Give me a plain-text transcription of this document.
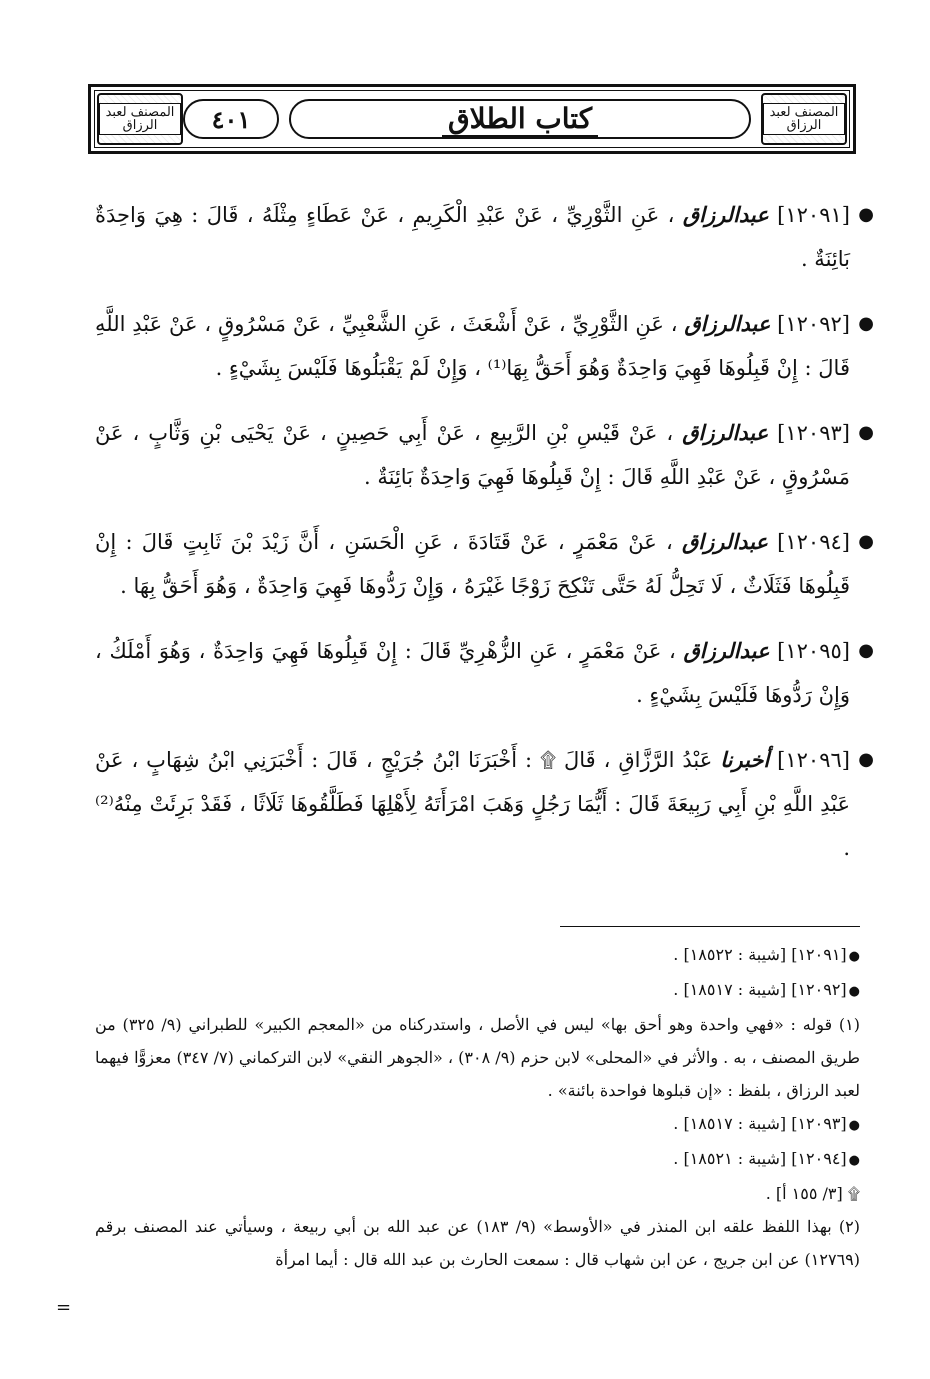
المصنف لعبد الرزاق	٤٠١	كتاب الطلاق	المصنف لعبد الرزاق

●
[١٢٠٩١] عبدالرزاق ، عَنِ الثَّوْرِيِّ ، عَنْ عَبْدِ الْكَرِيمِ ، عَنْ عَطَاءٍ مِثْلَهُ ، قَالَ : هِيَ وَاحِدَةٌ بَائِنَةٌ .

●
[١٢٠٩٢] عبدالرزاق ، عَنِ الثَّوْرِيِّ ، عَنْ أَشْعَثَ ، عَنِ الشَّعْبِيِّ ، عَنْ مَسْرُوقٍ ، عَنْ عَبْدِ اللَّهِ قَالَ : إِنْ قَبِلُوهَا فَهِيَ وَاحِدَةٌ وَهُوَ أَحَقُّ بِهَا⁽¹⁾ ، وَإِنْ لَمْ يَقْبَلُوهَا فَلَيْسَ بِشَيْءٍ .

●
[١٢٠٩٣] عبدالرزاق ، عَنْ قَيْسِ بْنِ الرَّبِيعِ ، عَنْ أَبِي حَصِينٍ ، عَنْ يَحْيَى بْنِ وَثَّابٍ ، عَنْ مَسْرُوقٍ ، عَنْ عَبْدِ اللَّهِ قَالَ : إِنْ قَبِلُوهَا فَهِيَ وَاحِدَةٌ بَائِنَةٌ .

●
[١٢٠٩٤] عبدالرزاق ، عَنْ مَعْمَرٍ ، عَنْ قَتَادَةَ ، عَنِ الْحَسَنِ ، أَنَّ زَيْدَ بْنَ ثَابِتٍ قَالَ : إِنْ قَبِلُوهَا فَثَلَاثٌ ، لَا تَحِلُّ لَهُ حَتَّى تَنْكِحَ زَوْجًا غَيْرَهُ ، وَإِنْ رَدُّوهَا فَهِيَ وَاحِدَةٌ ، وَهُوَ أَحَقُّ بِهَا .

●
[١٢٠٩٥] عبدالرزاق ، عَنْ مَعْمَرٍ ، عَنِ الزُّهْرِيِّ قَالَ : إِنْ قَبِلُوهَا فَهِيَ وَاحِدَةٌ ، وَهُوَ أَمْلَكُ ، وَإِنْ رَدُّوهَا فَلَيْسَ بِشَيْءٍ .

●
[١٢٠٩٦] أخبرنا عَبْدُ الرَّزَّاقِ ، قَالَ ۩ : أَخْبَرَنَا ابْنُ جُرَيْجٍ ، قَالَ : أَخْبَرَنِي ابْنُ شِهَابٍ ، عَنْ عَبْدِ اللَّهِ بْنِ أَبِي رَبِيعَةَ قَالَ : أَيُّمَا رَجُلٍ وَهَبَ امْرَأَتَهُ لِأَهْلِهَا فَطَلَّقُوهَا ثَلَاثًا ، فَقَدْ بَرِئَتْ مِنْهُ⁽²⁾ .

●[١٢٠٩١] [شيبة : ١٨٥٢٢] .

●[١٢٠٩٢] [شيبة : ١٨٥١٧] .

(١) قوله : «فهي واحدة وهو أحق بها» ليس في الأصل ، واستدركناه من «المعجم الكبير» للطبراني (٩/ ٣٢٥) من طريق المصنف ، به . والأثر في «المحلى» لابن حزم (٩/ ٣٠٨) ، «الجوهر النقي» لابن التركماني (٧/ ٣٤٧) معزوًّا فيهما لعبد الرزاق ، بلفظ : «إن قبلوها فواحدة بائنة» .

●[١٢٠٩٣] [شيبة : ١٨٥١٧] .

●[١٢٠٩٤] [شيبة : ١٨٥٢١] .

۩ [٣/ ١٥٥ أ] .

(٢) بهذا اللفظ علقه ابن المنذر في «الأوسط» (٩/ ١٨٣) عن عبد الله بن أبي ربيعة ، وسيأتي عند المصنف برقم (١٢٧٦٩) عن ابن جريج ، عن ابن شهاب قال : سمعت الحارث بن عبد الله قال : أيما امرأة

=
